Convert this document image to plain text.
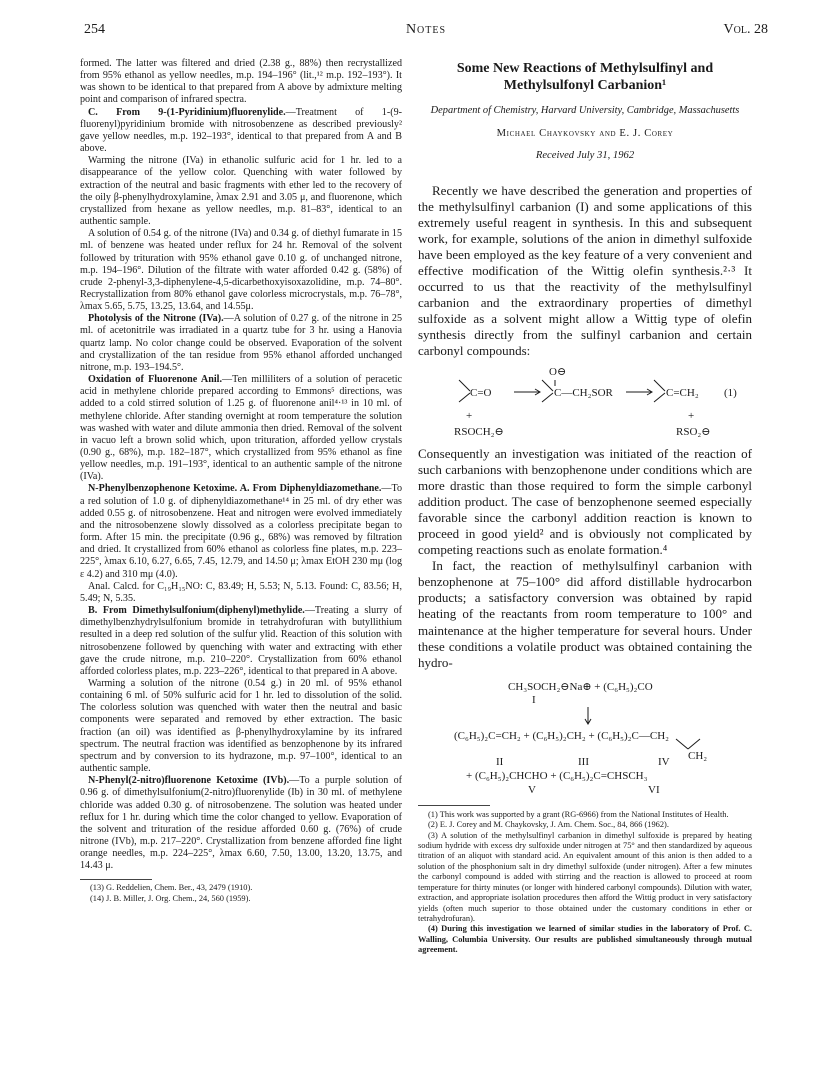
254	Notes	Vol. 28

formed. The latter was filtered and dried (2.38 g., 88%) then recrystallized from 95% ethanol as yellow needles, m.p. 194–196° (lit.,¹² m.p. 192–193°). It was shown to be identical to that prepared from A above by admixture melting point and comparison of infrared spectra.

C. From 9-(1-Pyridinium)fluorenylide.—Treatment of 1-(9-fluorenyl)pyridinium bromide with nitrosobenzene as described previously² gave yellow needles, m.p. 192–193°, identical to that prepared from A and B above.

Warming the nitrone (IVa) in ethanolic sulfuric acid for 1 hr. led to a disappearance of the yellow color. Quenching with water followed by extraction of the neutral and basic fragments with ether led to the recovery of the oily β-phenylhydroxylamine, λmax 2.91 and 3.05 μ, and fluorenone, which crystallized from hexane as yellow needles, m.p. 81–83°, identical to an authentic sample.

A solution of 0.54 g. of the nitrone (IVa) and 0.34 g. of diethyl fumarate in 15 ml. of benzene was heated under reflux for 24 hr. Removal of the solvent followed by trituration with 95% ethanol gave 0.10 g. of unchanged nitrone, m.p. 194–196°. Dilution of the filtrate with water afforded 0.42 g. (58%) of crude 2-phenyl-3,3-diphenylene-4,5-dicarbethoxyisoxazolidine, m.p. 74–80°. Recrystallization from 80% ethanol gave colorless microcrystals, m.p. 76–78°, λmax 5.65, 5.75, 13.25, 13.64, and 14.55μ.

Photolysis of the Nitrone (IVa).—A solution of 0.27 g. of the nitrone in 25 ml. of acetonitrile was irradiated in a quartz tube for 3 hr. using a Hanovia quartz lamp. No color change could be observed. Evaporation of the solvent and crystallization of the tan residue from 95% ethanol afforded unchanged nitrone, m.p. 193–194.5°.

Oxidation of Fluorenone Anil.—Ten milliliters of a solution of peracetic acid in methylene chloride prepared according to Emmons⁵ directions, was added to a cold stirred solution of 1.25 g. of fluorenone anil⁴·¹³ in 10 ml. of methylene chloride. After standing overnight at room temperature the solution was washed with water and dilute ammonia then dried. Removal of the solvent in vacuo left a brown solid which, upon trituration, afforded yellow crystals (0.90 g., 68%), m.p. 182–187°, which crystallized from 95% ethanol as fine yellow needles, m.p. 191–193°, identical to an authentic sample of the nitrone (IVa).

N-Phenylbenzophenone Ketoxime. A. From Diphenyldiazomethane.—To a red solution of 1.0 g. of diphenyldiazomethane¹⁴ in 25 ml. of dry ether was added 0.55 g. of nitrosobenzene. Heat and nitrogen were evolved immediately and the nitrosobenzene slowly dissolved as a colorless precipitate began to form. After 15 min. the precipitate (0.96 g., 68%) was removed by filtration and dried. It crystallized from 60% ethanol as colorless fine plates, m.p. 223–225°, λmax 6.10, 6.27, 6.65, 7.45, 12.79, and 14.50 μ; λmax EtOH 230 mμ (log ε 4.2) and 310 mμ (4.0).

Anal. Calcd. for C₁₉H₁₅NO: C, 83.49; H, 5.53; N, 5.13. Found: C, 83.56; H, 5.49; N, 5.35.

B. From Dimethylsulfonium(diphenyl)methylide.—Treating a slurry of dimethylbenzhydrylsulfonium bromide in tetrahydrofuran with butyllithium resulted in a deep red solution of the sulfur ylid. Reaction of this solution with nitrosobenzene followed by quenching with water and extracting with ether gave the crude nitrone, m.p. 210–220°. Crystallization from 60% ethanol afforded colorless plates, m.p. 223–226°, identical to that prepared in A above.

Warming a solution of the nitrone (0.54 g.) in 20 ml. of 95% ethanol containing 6 ml. of 50% sulfuric acid for 1 hr. led to dissolution of the solid. The colorless solution was quenched with water then the neutral and basic components were separated and removed by ether extraction. The basic fraction (an oil) was identified as β-phenylhydroxylamine by its infrared spectrum. The neutral fraction was identified as benzophenone by its infrared spectrum and by conversion to its hydrazone, m.p. 97–100°, identical to an authentic sample.

N-Phenyl(2-nitro)fluorenone Ketoxime (IVb).—To a purple solution of 0.96 g. of dimethylsulfonium(2-nitro)fluorenylide (Ib) in 30 ml. of methylene chloride was added 0.30 g. of nitrosobenzene. The solution was heated under reflux for 1 hr. during which time the color changed to yellow. Evaporation of the solvent and trituration of the residue afforded 0.60 g. (76%) of crude nitrone (IVb), m.p. 217–220°. Crystallization from benzene afforded fine light orange needles, m.p. 224–225°, λmax 6.60, 7.50, 13.00, 13.20, 13.75, and 14.43 μ.

(13) G. Reddelien, Chem. Ber., 43, 2479 (1910).

(14) J. B. Miller, J. Org. Chem., 24, 560 (1959).

Some New Reactions of Methylsulfinyl and
Methylsulfonyl Carbanion¹
Department of Chemistry, Harvard University, Cambridge, Massachusetts
Michael Chaykovsky and E. J. Corey
Received July 31, 1962

Recently we have described the generation and properties of the methylsulfinyl carbanion (I) and some applications of this extremely useful reagent in synthesis. In this and subsequent work, for example, solutions of the anion in dimethyl sulfoxide have been employed as the key feature of a very convenient and effective modification of the Wittig olefin synthesis.²·³ It occurred to us that the reactivity of the methylsulfinyl carbanion and the extraordinary properties of dimethyl sulfoxide as a solvent might allow a Wittig type of olefin synthesis directly from the sulfinyl carbanion and certain carbonyl compounds:

O⊖
C=O	C—CH₂SOR	C=CH₂ (1)
+	+
RSOCH₂⊖	RSO₂⊖

Consequently an investigation was initiated of the reaction of such carbanions with benzophenone under conditions which are more drastic than those required to form the simple carbonyl addition product. The case of benzophenone seemed especially favorable since the carbonyl addition reaction is known to proceed in good yield² and is obviously not complicated by competing reactions such as enolate formation.⁴

In fact, the reaction of methylsulfinyl carbanion with benzophenone at 75–100° did afford distillable hydrocarbon products; a satisfactory conversion was obtained by rapid heating of the reactants from room temperature to 100° and maintenance at the higher temperature for several hours. Under these conditions a volatile product was obtained containing the hydro-

CH₃SOCH₂⊖Na⊕ + (C₆H₅)₂CO
I
(C₆H₅)₂C=CH₂ + (C₆H₅)₂CH₂ + (C₆H₅)₂C—CH₂
CH₂
II	III	IV
+ (C₆H₅)₂CHCHO + (C₆H₅)₂C=CHSCH₃
V	VI

(1) This work was supported by a grant (RG-6966) from the National Institutes of Health.

(2) E. J. Corey and M. Chaykovsky, J. Am. Chem. Soc., 84, 866 (1962).

(3) A solution of the methylsulfinyl carbanion in dimethyl sulfoxide is prepared by heating sodium hydride with excess dry sulfoxide under nitrogen at 75° and then standardized by aqueous titration of an aliquot with standard acid. An equivalent amount of this anion is then added to a solution of the phosphonium salt in dry dimethyl sulfoxide (under nitrogen). After a few minutes the carbonyl compound is added with stirring and the reaction is allowed to proceed at room temperature for thirty minutes (or longer with hindered carbonyl compounds). Dilution with water, extraction, and appropriate isolation procedures then afford the Wittig product in very satisfactory yields (often much superior to those obtained under the customary conditions in ether or tetrahydrofuran).

(4) During this investigation we learned of similar studies in the laboratory of Prof. C. Walling, Columbia University. Our results are published simultaneously through mutual agreement.
